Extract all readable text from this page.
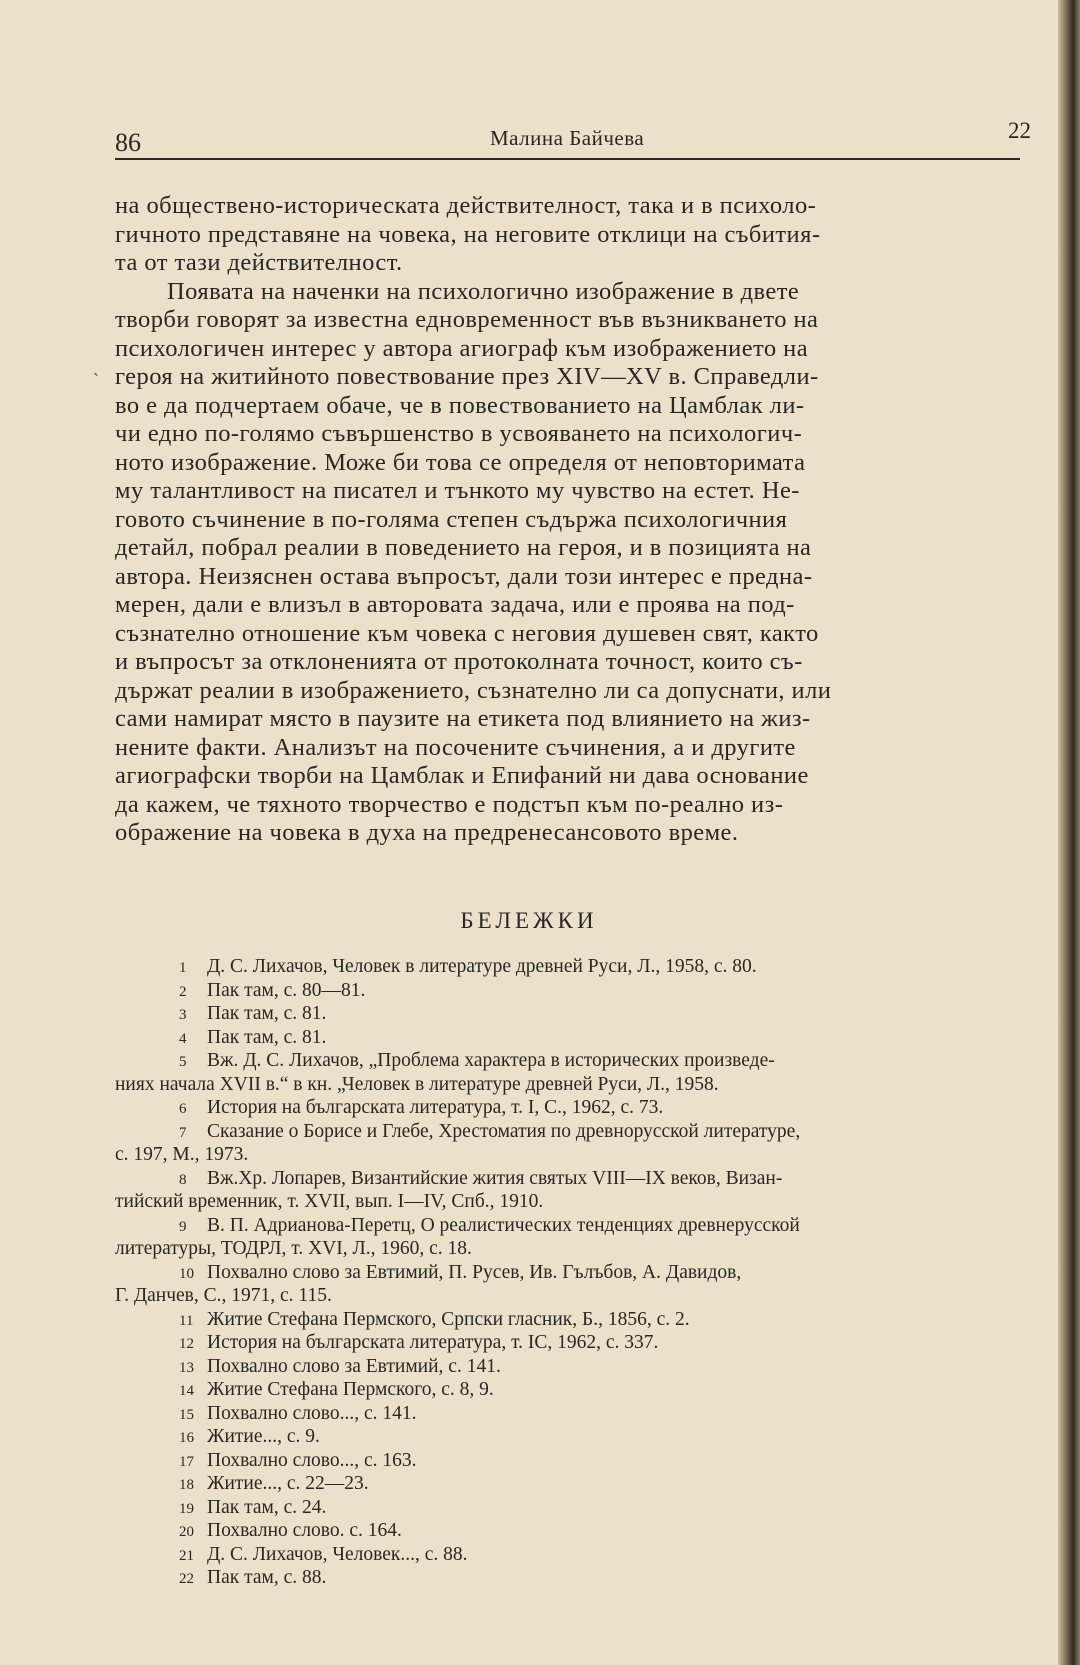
86	Малина Байчева	22
ˎ
на обществено-историческата действителност, така и в психоло-
гичното представяне на човека, на неговите отклици на събития-
та от тази действителност.
Появата на наченки на психологично изображение в двете
творби говорят за известна едновременност във възникването на
психологичен интерес у автора агиограф към изображението на
героя на житийното повествование през XIV—XV в. Справедли-
во е да подчертаем обаче, че в повествованието на Цамблак ли-
чи едно по-голямо съвършенство в усвояването на психологич-
ното изображение. Може би това се определя от неповторимата
му талантливост на писател и тънкото му чувство на естет. Не-
говото съчинение в по-голяма степен съдържа психологичния
детайл, побрал реалии в поведението на героя, и в позицията на
автора. Неизяснен остава въпросът, дали този интерес е предна-
мерен, дали е влизъл в авторовата задача, или е проява на под-
съзнателно отношение към човека с неговия душевен свят, както
и въпросът за отклоненията от протоколната точност, които съ-
държат реалии в изображението, съзнателно ли са допуснати, или
сами намират място в паузите на етикета под влиянието на жиз-
нените факти. Анализът на посочените съчинения, а и другите
агиографски творби на Цамблак и Епифаний ни дава основание
да кажем, че тяхното творчество е подстъп към по-реално из-
ображение на човека в духа на предренесансовото време.
БЕЛЕЖКИ
1 Д. С. Лихачов, Человек в литературе древней Руси, Л., 1958, с. 80.
2 Пак там, с. 80—81.
3 Пак там, с. 81.
4 Пак там, с. 81.
5 Вж. Д. С. Лихачов, „Проблема характера в исторических произведе-
ниях начала XVII в.“ в кн. „Человек в литературе древней Руси, Л., 1958.
6 История на българската литература, т. I, С., 1962, с. 73.
7 Сказание о Борисе и Глебе, Хрестоматия по древнорусской литературе,
с. 197, М., 1973.
8 Вж.Хр. Лопарев, Византийские жития святых VIII—IX веков, Визан-
тийский временник, т. XVII, вып. I—IV, Спб., 1910.
9 В. П. Адрианова-Перетц, О реалистических тенденциях древнерусской
литературы, ТОДРЛ, т. XVI, Л., 1960, с. 18.
10 Похвално слово за Евтимий, П. Русев, Ив. Гълъбов, А. Давидов,
Г. Данчев, С., 1971, с. 115.
11 Житие Стефана Пермского, Српски гласник, Б., 1856, с. 2.
12 История на българската литература, т. IС, 1962, с. 337.
13 Похвално слово за Евтимий, с. 141.
14 Житие Стефана Пермского, с. 8, 9.
15 Похвално слово..., с. 141.
16 Житие..., с. 9.
17 Похвално слово..., с. 163.
18 Житие..., с. 22—23.
19 Пак там, с. 24.
20 Похвално слово. с. 164.
21 Д. С. Лихачов, Человек..., с. 88.
22 Пак там, с. 88.
